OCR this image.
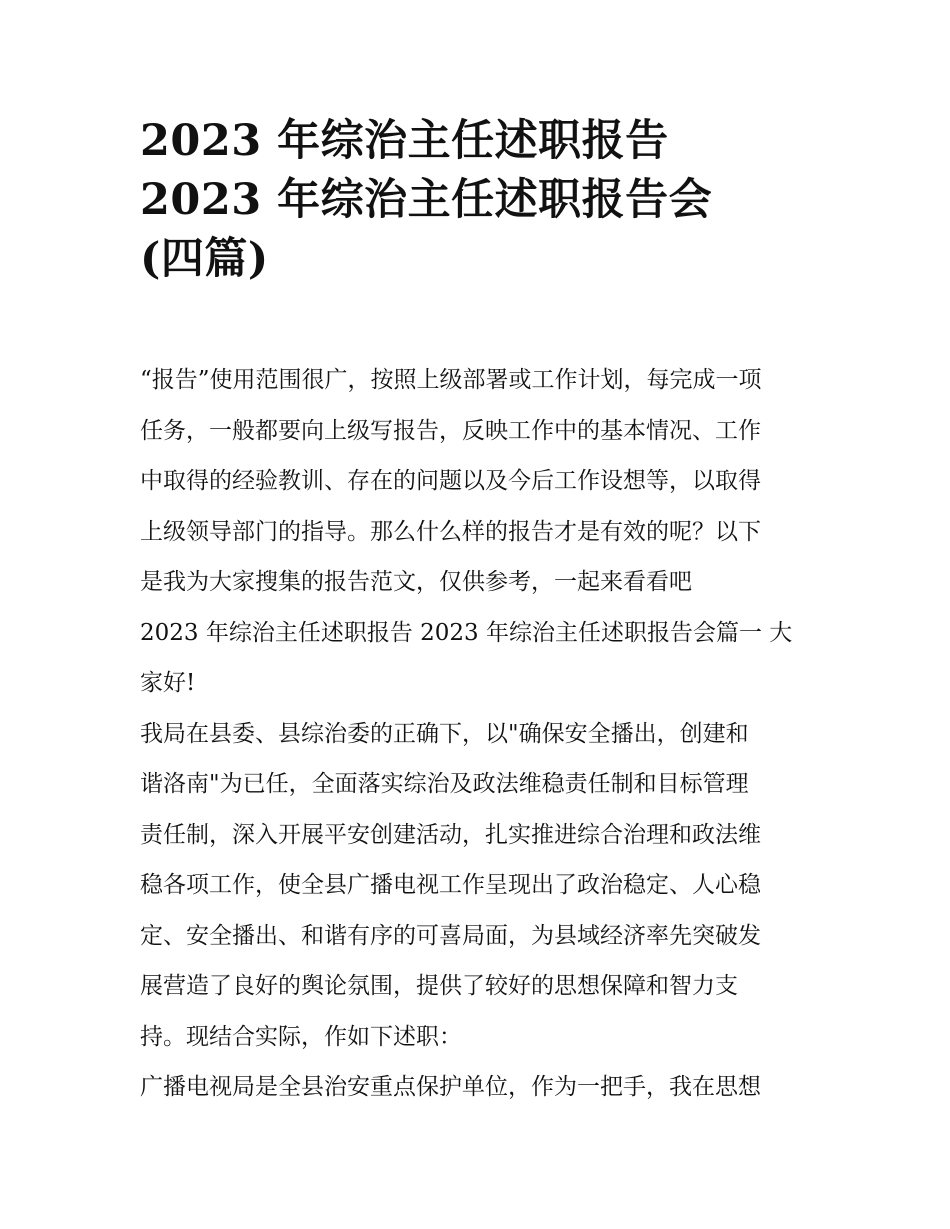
2023 年综治主任述职报告
2023 年综治主任述职报告会
(四篇)
“报告”使用范围很广，按照上级部署或工作计划，每完成一项
任务，一般都要向上级写报告，反映工作中的基本情况、工作
中取得的经验教训、存在的问题以及今后工作设想等，以取得
上级领导部门的指导。那么什么样的报告才是有效的呢？以下
是我为大家搜集的报告范文，仅供参考，一起来看看吧
2023 年综治主任述职报告 2023 年综治主任述职报告会篇一 大
家好!
我局在县委、县综治委的正确下，以"确保安全播出，创建和
谐洛南"为已任，全面落实综治及政法维稳责任制和目标管理
责任制，深入开展平安创建活动，扎实推进综合治理和政法维
稳各项工作，使全县广播电视工作呈现出了政治稳定、人心稳
定、安全播出、和谐有序的可喜局面，为县域经济率先突破发
展营造了良好的舆论氛围，提供了较好的思想保障和智力支
持。现结合实际，作如下述职：
广播电视局是全县治安重点保护单位，作为一把手，我在思想
